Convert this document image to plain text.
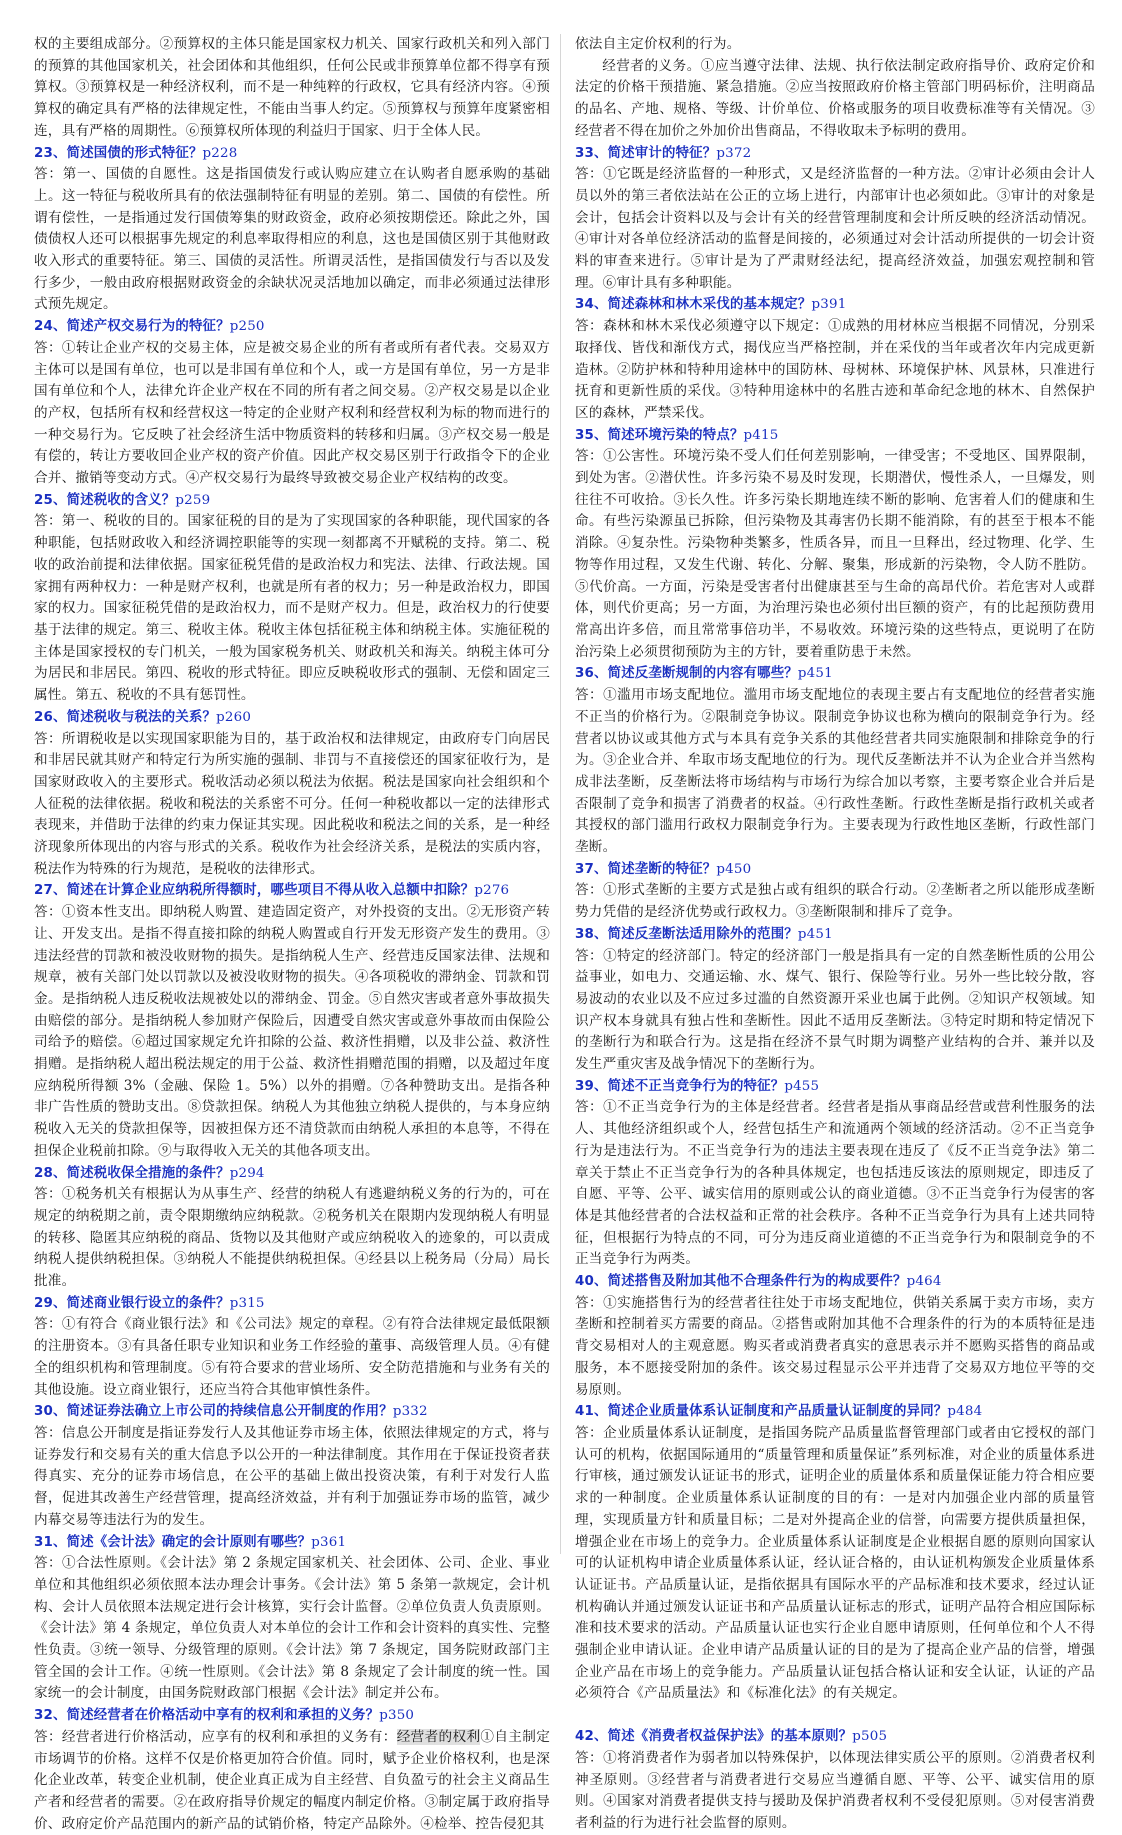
权的主要组成部分。②预算权的主体只能是国家权力机关、国家行政机关和列入部门的预算的其他国家机关，社会团体和其他组织，任何公民或非预算单位都不得享有预算权。③预算权是一种经济权利，而不是一种纯粹的行政权，它具有经济内容。④预算权的确定具有严格的法律规定性，不能由当事人约定。⑤预算权与预算年度紧密相连，具有严格的周期性。⑥预算权所体现的利益归于国家、归于全体人民。

23、简述国债的形式特征？p228

答：第一、国债的自愿性。这是指国债发行或认购应建立在认购者自愿承购的基础上。这一特征与税收所具有的依法强制特征有明显的差别。第二、国债的有偿性。所谓有偿性，一是指通过发行国债筹集的财政资金，政府必须按期偿还。除此之外，国债债权人还可以根据事先规定的利息率取得相应的利息，这也是国债区别于其他财政收入形式的重要特征。第三、国债的灵活性。所谓灵活性，是指国债发行与否以及发行多少，一般由政府根据财政资金的余缺状况灵活地加以确定，而非必须通过法律形式预先规定。

24、简述产权交易行为的特征？p250

答：①转让企业产权的交易主体，应是被交易企业的所有者或所有者代表。交易双方主体可以是国有单位，也可以是非国有单位和个人，或一方是国有单位，另一方是非国有单位和个人，法律允许企业产权在不同的所有者之间交易。②产权交易是以企业的产权，包括所有权和经营权这一特定的企业财产权利和经营权利为标的物而进行的一种交易行为。它反映了社会经济生活中物质资料的转移和归属。③产权交易一般是有偿的，转让方要收回企业产权的资产价值。因此产权交易区别于行政指令下的企业合并、撤销等变动方式。④产权交易行为最终导致被交易企业产权结构的改变。

25、简述税收的含义？p259

答：第一、税收的目的。国家征税的目的是为了实现国家的各种职能，现代国家的各种职能，包括财政收入和经济调控职能等的实现一刻都离不开赋税的支持。第二、税收的政治前提和法律依据。国家征税凭借的是政治权力和宪法、法律、行政法规。国家拥有两种权力：一种是财产权利，也就是所有者的权力；另一种是政治权力，即国家的权力。国家征税凭借的是政治权力，而不是财产权力。但是，政治权力的行使要基于法律的规定。第三、税收主体。税收主体包括征税主体和纳税主体。实施征税的主体是国家授权的专门机关，一般为国家税务机关、财政机关和海关。纳税主体可分为居民和非居民。第四、税收的形式特征。即应反映税收形式的强制、无偿和固定三属性。第五、税收的不具有惩罚性。

26、简述税收与税法的关系？p260

答：所谓税收是以实现国家职能为目的，基于政治权和法律规定，由政府专门向居民和非居民就其财产和特定行为所实施的强制、非罚与不直接偿还的国家征收行为，是国家财政收入的主要形式。税收活动必须以税法为依据。税法是国家向社会组织和个人征税的法律依据。税收和税法的关系密不可分。任何一种税收都以一定的法律形式表现来，并借助于法律的约束力保证其实现。因此税收和税法之间的关系，是一种经济现象所体现出的内容与形式的关系。税收作为社会经济关系，是税法的实质内容，税法作为特殊的行为规范，是税收的法律形式。

27、简述在计算企业应纳税所得额时，哪些项目不得从收入总额中扣除？p276

答：①资本性支出。即纳税人购置、建造固定资产，对外投资的支出。②无形资产转让、开发支出。是指不得直接扣除的纳税人购置或自行开发无形资产发生的费用。③违法经营的罚款和被没收财物的损失。是指纳税人生产、经营违反国家法律、法规和规章，被有关部门处以罚款以及被没收财物的损失。④各项税收的滞纳金、罚款和罚金。是指纳税人违反税收法规被处以的滞纳金、罚金。⑤自然灾害或者意外事故损失由赔偿的部分。是指纳税人参加财产保险后，因遭受自然灾害或意外事故而由保险公司给予的赔偿。⑥超过国家规定允许扣除的公益、救济性捐赠，以及非公益、救济性捐赠。是指纳税人超出税法规定的用于公益、救济性捐赠范围的捐赠，以及超过年度应纳税所得额 3%（金融、保险 1。5%）以外的捐赠。⑦各种赞助支出。是指各种非广告性质的赞助支出。⑧贷款担保。纳税人为其他独立纳税人提供的，与本身应纳税收入无关的贷款担保等，因被担保方还不清贷款而由纳税人承担的本息等，不得在担保企业税前扣除。⑨与取得收入无关的其他各项支出。

28、简述税收保全措施的条件？p294

答：①税务机关有根据认为从事生产、经营的纳税人有逃避纳税义务的行为的，可在规定的纳税期之前，责令限期缴纳应纳税款。②税务机关在限期内发现纳税人有明显的转移、隐匿其应纳税的商品、货物以及其他财产或应纳税收入的迹象的，可以责成纳税人提供纳税担保。③纳税人不能提供纳税担保。④经县以上税务局（分局）局长批准。

29、简述商业银行设立的条件？p315

答：①有符合《商业银行法》和《公司法》规定的章程。②有符合法律规定最低限额的注册资本。③有具备任职专业知识和业务工作经验的董事、高级管理人员。④有健全的组织机构和管理制度。⑤有符合要求的营业场所、安全防范措施和与业务有关的其他设施。设立商业银行，还应当符合其他审慎性条件。

30、简述证券法确立上市公司的持续信息公开制度的作用？p332

答：信息公开制度是指证券发行人及其他证券市场主体，依照法律规定的方式，将与证券发行和交易有关的重大信息予以公开的一种法律制度。其作用在于保证投资者获得真实、充分的证券市场信息，在公平的基础上做出投资决策，有利于对发行人监督，促进其改善生产经营管理，提高经济效益，并有利于加强证券市场的监管，减少内幕交易等违法行为的发生。

31、简述《会计法》确定的会计原则有哪些？p361

答：①合法性原则。《会计法》第 2 条规定国家机关、社会团体、公司、企业、事业单位和其他组织必须依照本法办理会计事务。《会计法》第 5 条第一款规定，会计机构、会计人员依照本法规定进行会计核算，实行会计监督。②单位负责人负责原则。《会计法》第 4 条规定，单位负责人对本单位的会计工作和会计资料的真实性、完整性负责。③统一领导、分级管理的原则。《会计法》第 7 条规定，国务院财政部门主管全国的会计工作。④统一性原则。《会计法》第 8 条规定了会计制度的统一性。国家统一的会计制度，由国务院财政部门根据《会计法》制定并公布。

32、简述经营者在价格活动中享有的权利和承担的义务？p350

答：经营者进行价格活动，应享有的权利和承担的义务有：经营者的权利①自主制定市场调节的价格。这样不仅是价格更加符合价值。同时，赋予企业价格权利，也是深化企业改革，转变企业机制，使企业真正成为自主经营、自负盈亏的社会主义商品生产者和经营者的需要。②在政府指导价规定的幅度内制定价格。③制定属于政府指导价、政府定价产品范围内的新产品的试销价格，特定产品除外。④检举、控告侵犯其

依法自主定价权利的行为。

经营者的义务。①应当遵守法律、法规、执行依法制定政府指导价、政府定价和法定的价格干预措施、紧急措施。②应当按照政府价格主管部门明码标价，注明商品的品名、产地、规格、等级、计价单位、价格或服务的项目收费标准等有关情况。③经营者不得在加价之外加价出售商品，不得收取未予标明的费用。

33、简述审计的特征？p372

答：①它既是经济监督的一种形式，又是经济监督的一种方法。②审计必须由会计人员以外的第三者依法站在公正的立场上进行，内部审计也必须如此。③审计的对象是会计，包括会计资料以及与会计有关的经营管理制度和会计所反映的经济活动情况。④审计对各单位经济活动的监督是间接的，必须通过对会计活动所提供的一切会计资料的审查来进行。⑤审计是为了严肃财经法纪，提高经济效益，加强宏观控制和管理。⑥审计具有多种职能。

34、简述森林和林木采伐的基本规定？p391

答：森林和林木采伐必须遵守以下规定：①成熟的用材林应当根据不同情况，分别采取择伐、皆伐和渐伐方式，揭伐应当严格控制，并在采伐的当年或者次年内完成更新造林。②防护林和特种用途林中的国防林、母树林、环境保护林、风景林，只准进行抚育和更新性质的采伐。③特种用途林中的名胜古迹和革命纪念地的林木、自然保护区的森林，严禁采伐。

35、简述环境污染的特点？p415

答：①公害性。环境污染不受人们任何差别影响，一律受害；不受地区、国界限制，到处为害。②潜伏性。许多污染不易及时发现，长期潜伏，慢性杀人，一旦爆发，则往往不可收拾。③长久性。许多污染长期地连续不断的影响、危害着人们的健康和生命。有些污染源虽已拆除，但污染物及其毒害仍长期不能消除，有的甚至于根本不能消除。④复杂性。污染物种类繁多，性质各异，而且一旦释出，经过物理、化学、生物等作用过程，又发生代谢、转化、分解、聚集，形成新的污染物，令人防不胜防。⑤代价高。一方面，污染是受害者付出健康甚至与生命的高昂代价。若危害对人或群体，则代价更高；另一方面，为治理污染也必须付出巨额的资产，有的比起预防费用常高出许多倍，而且常常事倍功半，不易收效。环境污染的这些特点，更说明了在防治污染上必须贯彻预防为主的方针，要着重防患于未然。

36、简述反垄断规制的内容有哪些？p451

答：①滥用市场支配地位。滥用市场支配地位的表现主要占有支配地位的经营者实施不正当的价格行为。②限制竞争协议。限制竞争协议也称为横向的限制竞争行为。经营者以协议或其他方式与本具有竞争关系的其他经营者共同实施限制和排除竞争的行为。③企业合并、牟取市场支配地位的行为。现代反垄断法并不认为企业合并当然构成非法垄断，反垄断法将市场结构与市场行为综合加以考察，主要考察企业合并后是否限制了竞争和损害了消费者的权益。④行政性垄断。行政性垄断是指行政机关或者其授权的部门滥用行政权力限制竞争行为。主要表现为行政性地区垄断，行政性部门垄断。

37、简述垄断的特征？p450

答：①形式垄断的主要方式是独占或有组织的联合行动。②垄断者之所以能形成垄断势力凭借的是经济优势或行政权力。③垄断限制和排斥了竞争。

38、简述反垄断法适用除外的范围？p451

答：①特定的经济部门。特定的经济部门一般是指具有一定的自然垄断性质的公用公益事业，如电力、交通运输、水、煤气、银行、保险等行业。另外一些比较分散，容易波动的农业以及不应过多过滥的自然资源开采业也属于此例。②知识产权领域。知识产权本身就具有独占性和垄断性。因此不适用反垄断法。③特定时期和特定情况下的垄断行为和联合行为。这是指在经济不景气时期为调整产业结构的合并、兼并以及发生严重灾害及战争情况下的垄断行为。

39、简述不正当竞争行为的特征？p455

答：①不正当竞争行为的主体是经营者。经营者是指从事商品经营或营利性服务的法人、其他经济组织或个人，经营包括生产和流通两个领域的经济活动。②不正当竞争行为是违法行为。不正当竞争行为的违法主要表现在违反了《反不正当竞争法》第二章关于禁止不正当竞争行为的各种具体规定，也包括违反该法的原则规定，即违反了自愿、平等、公平、诚实信用的原则或公认的商业道德。③不正当竞争行为侵害的客体是其他经营者的合法权益和正常的社会秩序。各种不正当竞争行为具有上述共同特征，但根据行为特点的不同，可分为违反商业道德的不正当竞争行为和限制竞争的不正当竞争行为两类。

40、简述搭售及附加其他不合理条件行为的构成要件？p464

答：①实施搭售行为的经营者往往处于市场支配地位，供销关系属于卖方市场，卖方垄断和控制着买方需要的商品。②搭售或附加其他不合理条件的行为的本质特征是违背交易相对人的主观意愿。购买者或消费者真实的意思表示并不愿购买搭售的商品或服务，本不愿接受附加的条件。该交易过程显示公平并违背了交易双方地位平等的交易原则。

41、简述企业质量体系认证制度和产品质量认证制度的异同？p484

答：企业质量体系认证制度，是指国务院产品质量监督管理部门或者由它授权的部门认可的机构，依据国际通用的“质量管理和质量保证”系列标准，对企业的质量体系进行审核，通过颁发认证证书的形式，证明企业的质量体系和质量保证能力符合相应要求的一种制度。企业质量体系认证制度的目的有：一是对内加强企业内部的质量管理，实现质量方针和质量目标；二是对外提高企业的信誉，向需要方提供质量担保，增强企业在市场上的竞争力。企业质量体系认证制度是企业根据自愿的原则向国家认可的认证机构申请企业质量体系认证，经认证合格的，由认证机构颁发企业质量体系认证证书。产品质量认证，是指依据具有国际水平的产品标准和技术要求，经过认证机构确认并通过颁发认证证书和产品质量认证标志的形式，证明产品符合相应国际标准和技术要求的活动。产品质量认证也实行企业自愿申请原则，任何单位和个人不得强制企业申请认证。企业申请产品质量认证的目的是为了提高企业产品的信誉，增强企业产品在市场上的竞争能力。产品质量认证包括合格认证和安全认证，认证的产品必须符合《产品质量法》和《标准化法》的有关规定。

42、简述《消费者权益保护法》的基本原则？p505

答：①将消费者作为弱者加以特殊保护，以体现法律实质公平的原则。②消费者权利神圣原则。③经营者与消费者进行交易应当遵循自愿、平等、公平、诚实信用的原则。④国家对消费者提供支持与援助及保护消费者权利不受侵犯原则。⑤对侵害消费者利益的行为进行社会监督的原则。
